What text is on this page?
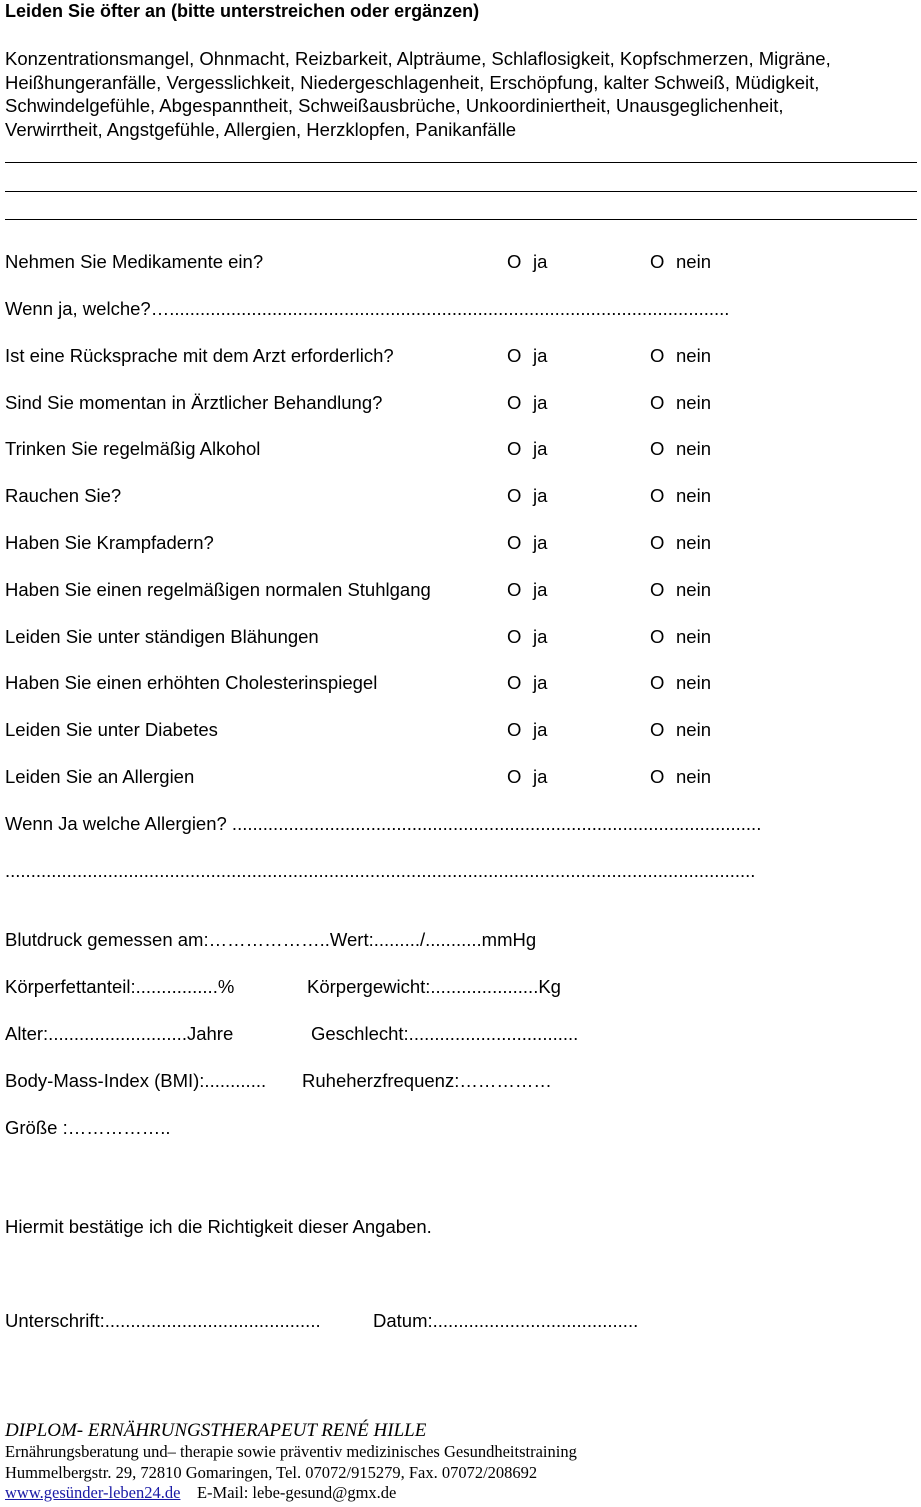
Leiden Sie öfter an (bitte unterstreichen oder ergänzen)
Konzentrationsmangel, Ohnmacht, Reizbarkeit, Alpträume, Schlaflosigkeit, Kopfschmerzen, Migräne,
Heißhungeranfälle, Vergesslichkeit, Niedergeschlagenheit, Erschöpfung, kalter Schweiß, Müdigkeit,
Schwindelgefühle, Abgespanntheit, Schweißausbrüche, Unkoordiniertheit, Unausgeglichenheit,
Verwirrtheit, Angstgefühle, Allergien, Herzklopfen, Panikanfälle
Nehmen Sie Medikamente ein?	O ja	O nein
Wenn ja, welche?….............................................................................................................
Ist eine Rücksprache mit dem Arzt erforderlich?	O ja	O nein
Sind Sie momentan in Ärztlicher Behandlung?	O ja	O nein
Trinken Sie regelmäßig Alkohol	O ja	O nein
Rauchen Sie?	O ja	O nein
Haben Sie Krampfadern?	O ja	O nein
Haben Sie einen regelmäßigen normalen Stuhlgang	O ja	O nein
Leiden Sie unter ständigen Blähungen	O ja	O nein
Haben Sie einen erhöhten Cholesterinspiegel	O ja	O nein
Leiden Sie unter Diabetes	O ja	O nein
Leiden Sie an Allergien	O ja	O nein
Wenn Ja welche Allergien? .......................................................................................................
..................................................................................................................................................
Blutdruck gemessen am:………………..Wert:........./...........mmHg
Körperfettanteil:................%	Körpergewicht:.....................Kg
Alter:...........................Jahre	Geschlecht:.................................
Body-Mass-Index (BMI):............ Ruheherzfrequenz:……………
Größe :……………..
Hiermit bestätige ich die Richtigkeit dieser Angaben.
Unterschrift:..........................................	Datum:........................................
DIPLOM- ERNÄHRUNGSTHERAPEUT RENÉ HILLE
Ernährungsberatung und– therapie sowie präventiv medizinisches Gesundheitstraining
Hummelbergstr. 29, 72810 Gomaringen, Tel. 07072/915279, Fax. 07072/208692
www.gesünder-leben24.de E-Mail: lebe-gesund@gmx.de
